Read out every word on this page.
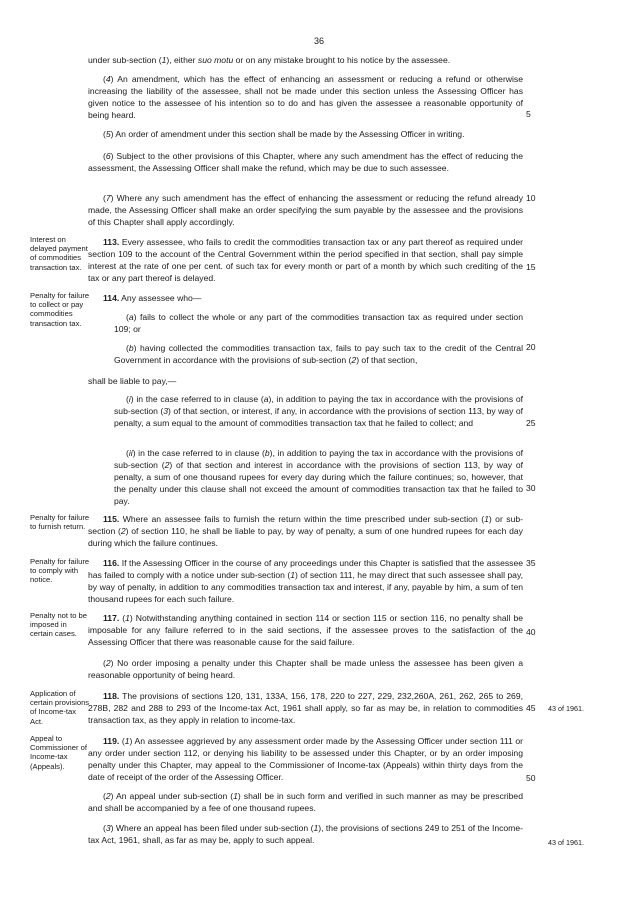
36
under sub-section (1), either suo motu or on any mistake brought to his notice by the assessee.
(4) An amendment, which has the effect of enhancing an assessment or reducing a refund or otherwise increasing the liability of the assessee, shall not be made under this section unless the Assessing Officer has given notice to the assessee of his intention so to do and has given the assessee a reasonable opportunity of being heard.
(5) An order of amendment under this section shall be made by the Assessing Officer in writing.
(6) Subject to the other provisions of this Chapter, where any such amendment has the effect of reducing the assessment, the Assessing Officer shall make the refund, which may be due to such assessee.
(7) Where any such amendment has the effect of enhancing the assessment or reducing the refund already made, the Assessing Officer shall make an order specifying the sum payable by the assessee and the provisions of this Chapter shall apply accordingly.
113. Every assessee, who fails to credit the commodities transaction tax or any part thereof as required under section 109 to the account of the Central Government within the period specified in that section, shall pay simple interest at the rate of one per cent. of such tax for every month or part of a month by which such crediting of the tax or any part thereof is delayed.
114. Any assessee who—
(a) fails to collect the whole or any part of the commodities transaction tax as required under section 109; or
(b) having collected the commodities transaction tax, fails to pay such tax to the credit of the Central Government in accordance with the provisions of sub-section (2) of that section,
shall be liable to pay,—
(i) in the case referred to in clause (a), in addition to paying the tax in accordance with the provisions of sub-section (3) of that section, or interest, if any, in accordance with the provisions of section 113, by way of penalty, a sum equal to the amount of commodities transaction tax that he failed to collect; and
(ii) in the case referred to in clause (b), in addition to paying the tax in accordance with the provisions of sub-section (2) of that section and interest in accordance with the provisions of section 113, by way of penalty, a sum of one thousand rupees for every day during which the failure continues; so, however, that the penalty under this clause shall not exceed the amount of commodities transaction tax that he failed to pay.
115. Where an assessee fails to furnish the return within the time prescribed under sub-section (1) or sub-section (2) of section 110, he shall be liable to pay, by way of penalty, a sum of one hundred rupees for each day during which the failure continues.
116. If the Assessing Officer in the course of any proceedings under this Chapter is satisfied that the assessee has failed to comply with a notice under sub-section (1) of section 111, he may direct that such assessee shall pay, by way of penalty, in addition to any commodities transaction tax and interest, if any, payable by him, a sum of ten thousand rupees for each such failure.
117. (1) Notwithstanding anything contained in section 114 or section 115 or section 116, no penalty shall be imposable for any failure referred to in the said sections, if the assessee proves to the satisfaction of the Assessing Officer that there was reasonable cause for the said failure.
(2) No order imposing a penalty under this Chapter shall be made unless the assessee has been given a reasonable opportunity of being heard.
118. The provisions of sections 120, 131, 133A, 156, 178, 220 to 227, 229, 232,260A, 261, 262, 265 to 269, 278B, 282 and 288 to 293 of the Income-tax Act, 1961 shall apply, so far as may be, in relation to commodities transaction tax, as they apply in relation to income-tax.
119. (1) An assessee aggrieved by any assessment order made by the Assessing Officer under section 111 or any order under section 112, or denying his liability to be assessed under this Chapter, or by an order imposing penalty under this Chapter, may appeal to the Commissioner of Income-tax (Appeals) within thirty days from the date of receipt of the order of the Assessing Officer.
(2) An appeal under sub-section (1) shall be in such form and verified in such manner as may be prescribed and shall be accompanied by a fee of one thousand rupees.
(3) Where an appeal has been filed under sub-section (1), the provisions of sections 249 to 251 of the Income-tax Act, 1961, shall, as far as may be, apply to such appeal.
Interest on delayed payment of commodities transaction tax.
Penalty for failure to collect or pay commodities transaction tax.
Penalty for failure to furnish return.
Penalty for failure to comply with notice.
Penalty not to be imposed in certain cases.
Application of certain provisions of Income-tax Act.
Appeal to Commissioner of Income-tax (Appeals).
5
10
15
20
25
30
35
40
45
50
43 of 1961.
43 of 1961.
